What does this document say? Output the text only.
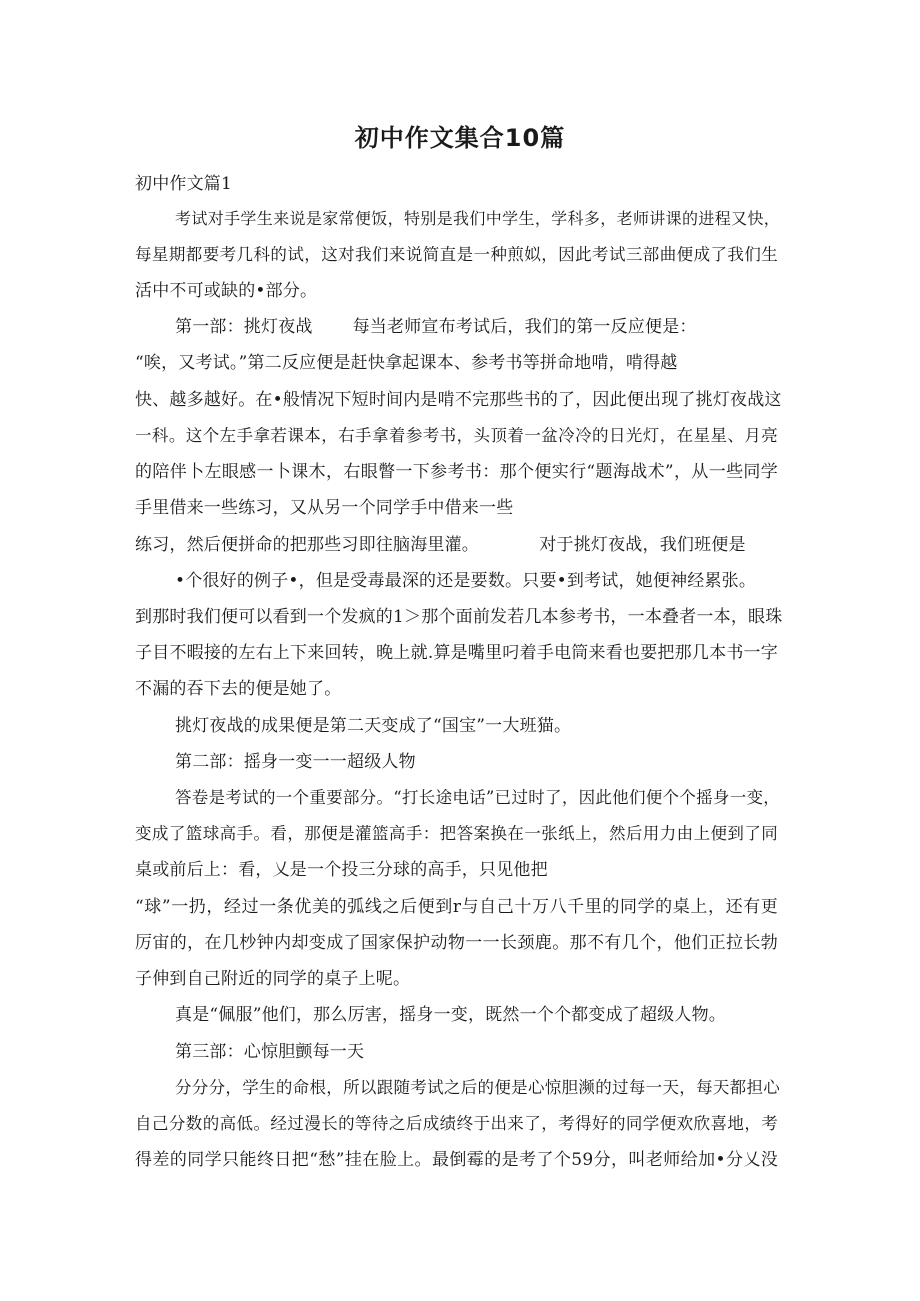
初中作文集合10篇
初中作文篇1
考试对手学生来说是家常便饭，特别是我们中学生，学科多，老师讲课的进程又快，
每星期都要考几科的试，这对我们来说简直是一种煎姒，因此考试三部曲便成了我们生
活中不可或缺的•部分。
第一部：挑灯夜战　　 每当老师宣布考试后，我们的第一反应便是：
“唉，又考试。”第二反应便是赶快拿起课本、参考书等拼命地啃，啃得越
快、越多越好。在•般情况下短时间内是啃不完那些书的了，因此便出现了挑灯夜战这
一科。这个左手拿若课本，右手拿着参考书，头顶着一盆冷冷的日光灯，在星星、月亮
的陪伴卜左眼感一卜课木，右眼瞥一下参考书：那个便实行“题海战术”，从一些同学
手里借来一些练习，又从另一个同学手中借来一些
练习，然后便拼命的把那些习即往脑海里灌。　　　　对于挑灯夜战，我们班便是
•个很好的例子•，但是受毒最深的还是要数。只要•到考试，她便神经累张。
到那时我们便可以看到一个发疯的1＞那个面前发若几本参考书，一本叠者一本，眼珠
子目不暇接的左右上下来回转，晚上就.算是嘴里叼着手电筒来看也要把那几本书一字
不漏的吞下去的便是她了。
挑灯夜战的成果便是第二天变成了“国宝”一大班猫。
第二部：摇身一变一一超级人物
答卷是考试的一个重要部分。“打长途电话”已过时了，因此他们便个个摇身一变，
变成了篮球高手。看，那便是灌篮高手：把答案换在一张纸上，然后用力由上便到了同
桌或前后上：看，乂是一个投三分球的高手，只见他把
“球”一扔，经过一条优美的弧线之后便到r与自己十万八千里的同学的桌上，还有更
厉宙的，在几杪钟内却变成了国家保护动物一一长颈鹿。那不有几个，他们正拉长勃
子伸到自己附近的同学的桌子上呢。
真是“佩服”他们，那么厉害，摇身一变，既然一个个都变成了超级人物。
第三部：心惊胆颤每一天
分分分，学生的命根，所以跟随考试之后的便是心惊胆濒的过每一天，每天都担心
自己分数的高低。经过漫长的等待之后成绩终于出来了，考得好的同学便欢欣喜地，考
得差的同学只能终日把“愁”挂在脸上。最倒霉的是考了个59分，叫老师给加•分乂没
